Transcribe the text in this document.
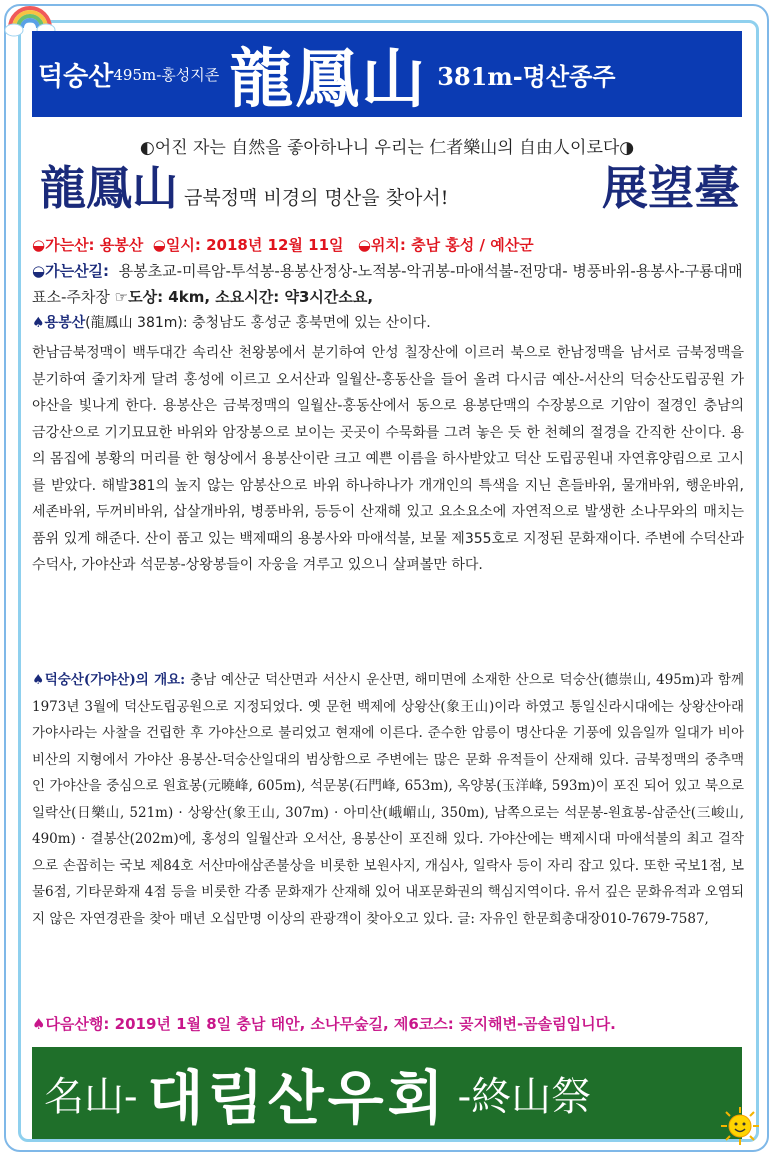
덕숭산 495m-홍성지존 龍鳳山 381m-명산종주
◐어진 자는 自然을 좋아하나니 우리는 仁者樂山의 自由人이로다◑
龍鳳山 금북정맥 비경의 명산을 찾아서!	展望臺
◒가는산: 용봉산 ◒일시: 2018년 12월 11일 ◒위치: 충남 홍성 / 예산군
◒가는산길: 용봉초교-미륵암-투석봉-용봉산정상-노적봉-악귀봉-마애석불-전망대- 병풍바위-용봉사-구룡대매표소-주차장 ☞도상: 4km, 소요시간: 약3시간소요,
♠용봉산(龍鳳山 381m): 충청남도 홍성군 홍북면에 있는 산이다.
한남금북정맥이 백두대간 속리산 천왕봉에서 분기하여 안성 칠장산에 이르러 북으로 한남정맥을 남서로 금북정맥을 분기하여 줄기차게 달려 홍성에 이르고 오서산과 일월산-홍동산을 들어 올려 다시금 예산-서산의 덕숭산도립공원 가야산을 빛나게 한다. 용봉산은 금북정맥의 일월산-홍동산에서 동으로 용봉단맥의 수장봉으로 기암이 절경인 충남의 금강산으로 기기묘묘한 바위와 암장봉으로 보이는 곳곳이 수묵화를 그려 놓은 듯 한 천혜의 절경을 간직한 산이다. 용의 몸집에 봉황의 머리를 한 형상에서 용봉산이란 크고 예쁜 이름을 하사받았고 덕산 도립공원내 자연휴양림으로 고시를 받았다. 해발381의 높지 않는 암봉산으로 바위 하나하나가 개개인의 특색을 지닌 흔들바위, 물개바위, 행운바위, 세존바위, 두꺼비바위, 삽살개바위, 병풍바위, 등등이 산재해 있고 요소요소에 자연적으로 발생한 소나무와의 매치는 품위 있게 해준다. 산이 품고 있는 백제때의 용봉사와 마애석불, 보물 제355호로 지정된 문화재이다. 주변에 수덕산과 수덕사, 가야산과 석문봉-상왕봉들이 자웅을 겨루고 있으니 살펴볼만 하다.
♠덕숭산(가야산)의 개요: 충남 예산군 덕산면과 서산시 운산면, 해미면에 소재한 산으로 덕숭산(德崇山, 495m)과 함께 1973년 3월에 덕산도립공원으로 지정되었다. 옛 문헌 백제에 상왕산(象王山)이라 하였고 통일신라시대에는 상왕산아래 가야사라는 사찰을 건립한 후 가야산으로 불리었고 현재에 이른다. 준수한 암릉이 명산다운 기풍에 있음일까 일대가 비아비산의 지형에서 가야산 용봉산-덕숭산일대의 범상함으로 주변에는 많은 문화 유적들이 산재해 있다. 금북정맥의 중추맥인 가야산을 중심으로 원효봉(元曉峰, 605m), 석문봉(石門峰, 653m), 옥양봉(玉洋峰, 593m)이 포진 되어 있고 북으로 일락산(日樂山, 521m) · 상왕산(象王山, 307m) · 아미산(峨嵋山, 350m), 남쪽으로는 석문봉-원효봉-삼준산(三峻山, 490m) · 결봉산(202m)에, 홍성의 일월산과 오서산, 용봉산이 포진해 있다. 가야산에는 백제시대 마애석불의 최고 걸작으로 손꼽히는 국보 제84호 서산마애삼존불상을 비롯한 보원사지, 개심사, 일락사 등이 자리 잡고 있다. 또한 국보1점, 보물6점, 기타문화재 4점 등을 비롯한 각종 문화재가 산재해 있어 내포문화권의 핵심지역이다. 유서 깊은 문화유적과 오염되지 않은 자연경관을 찾아 매년 오십만명 이상의 관광객이 찾아오고 있다. 글: 자유인 한문희총대장010-7679-7587,
♠다음산행: 2019년 1월 8일 충남 태안, 소나무숲길, 제6코스: 곶지해변-곰솔림입니다.
名山- 대림산우회 -終山祭
